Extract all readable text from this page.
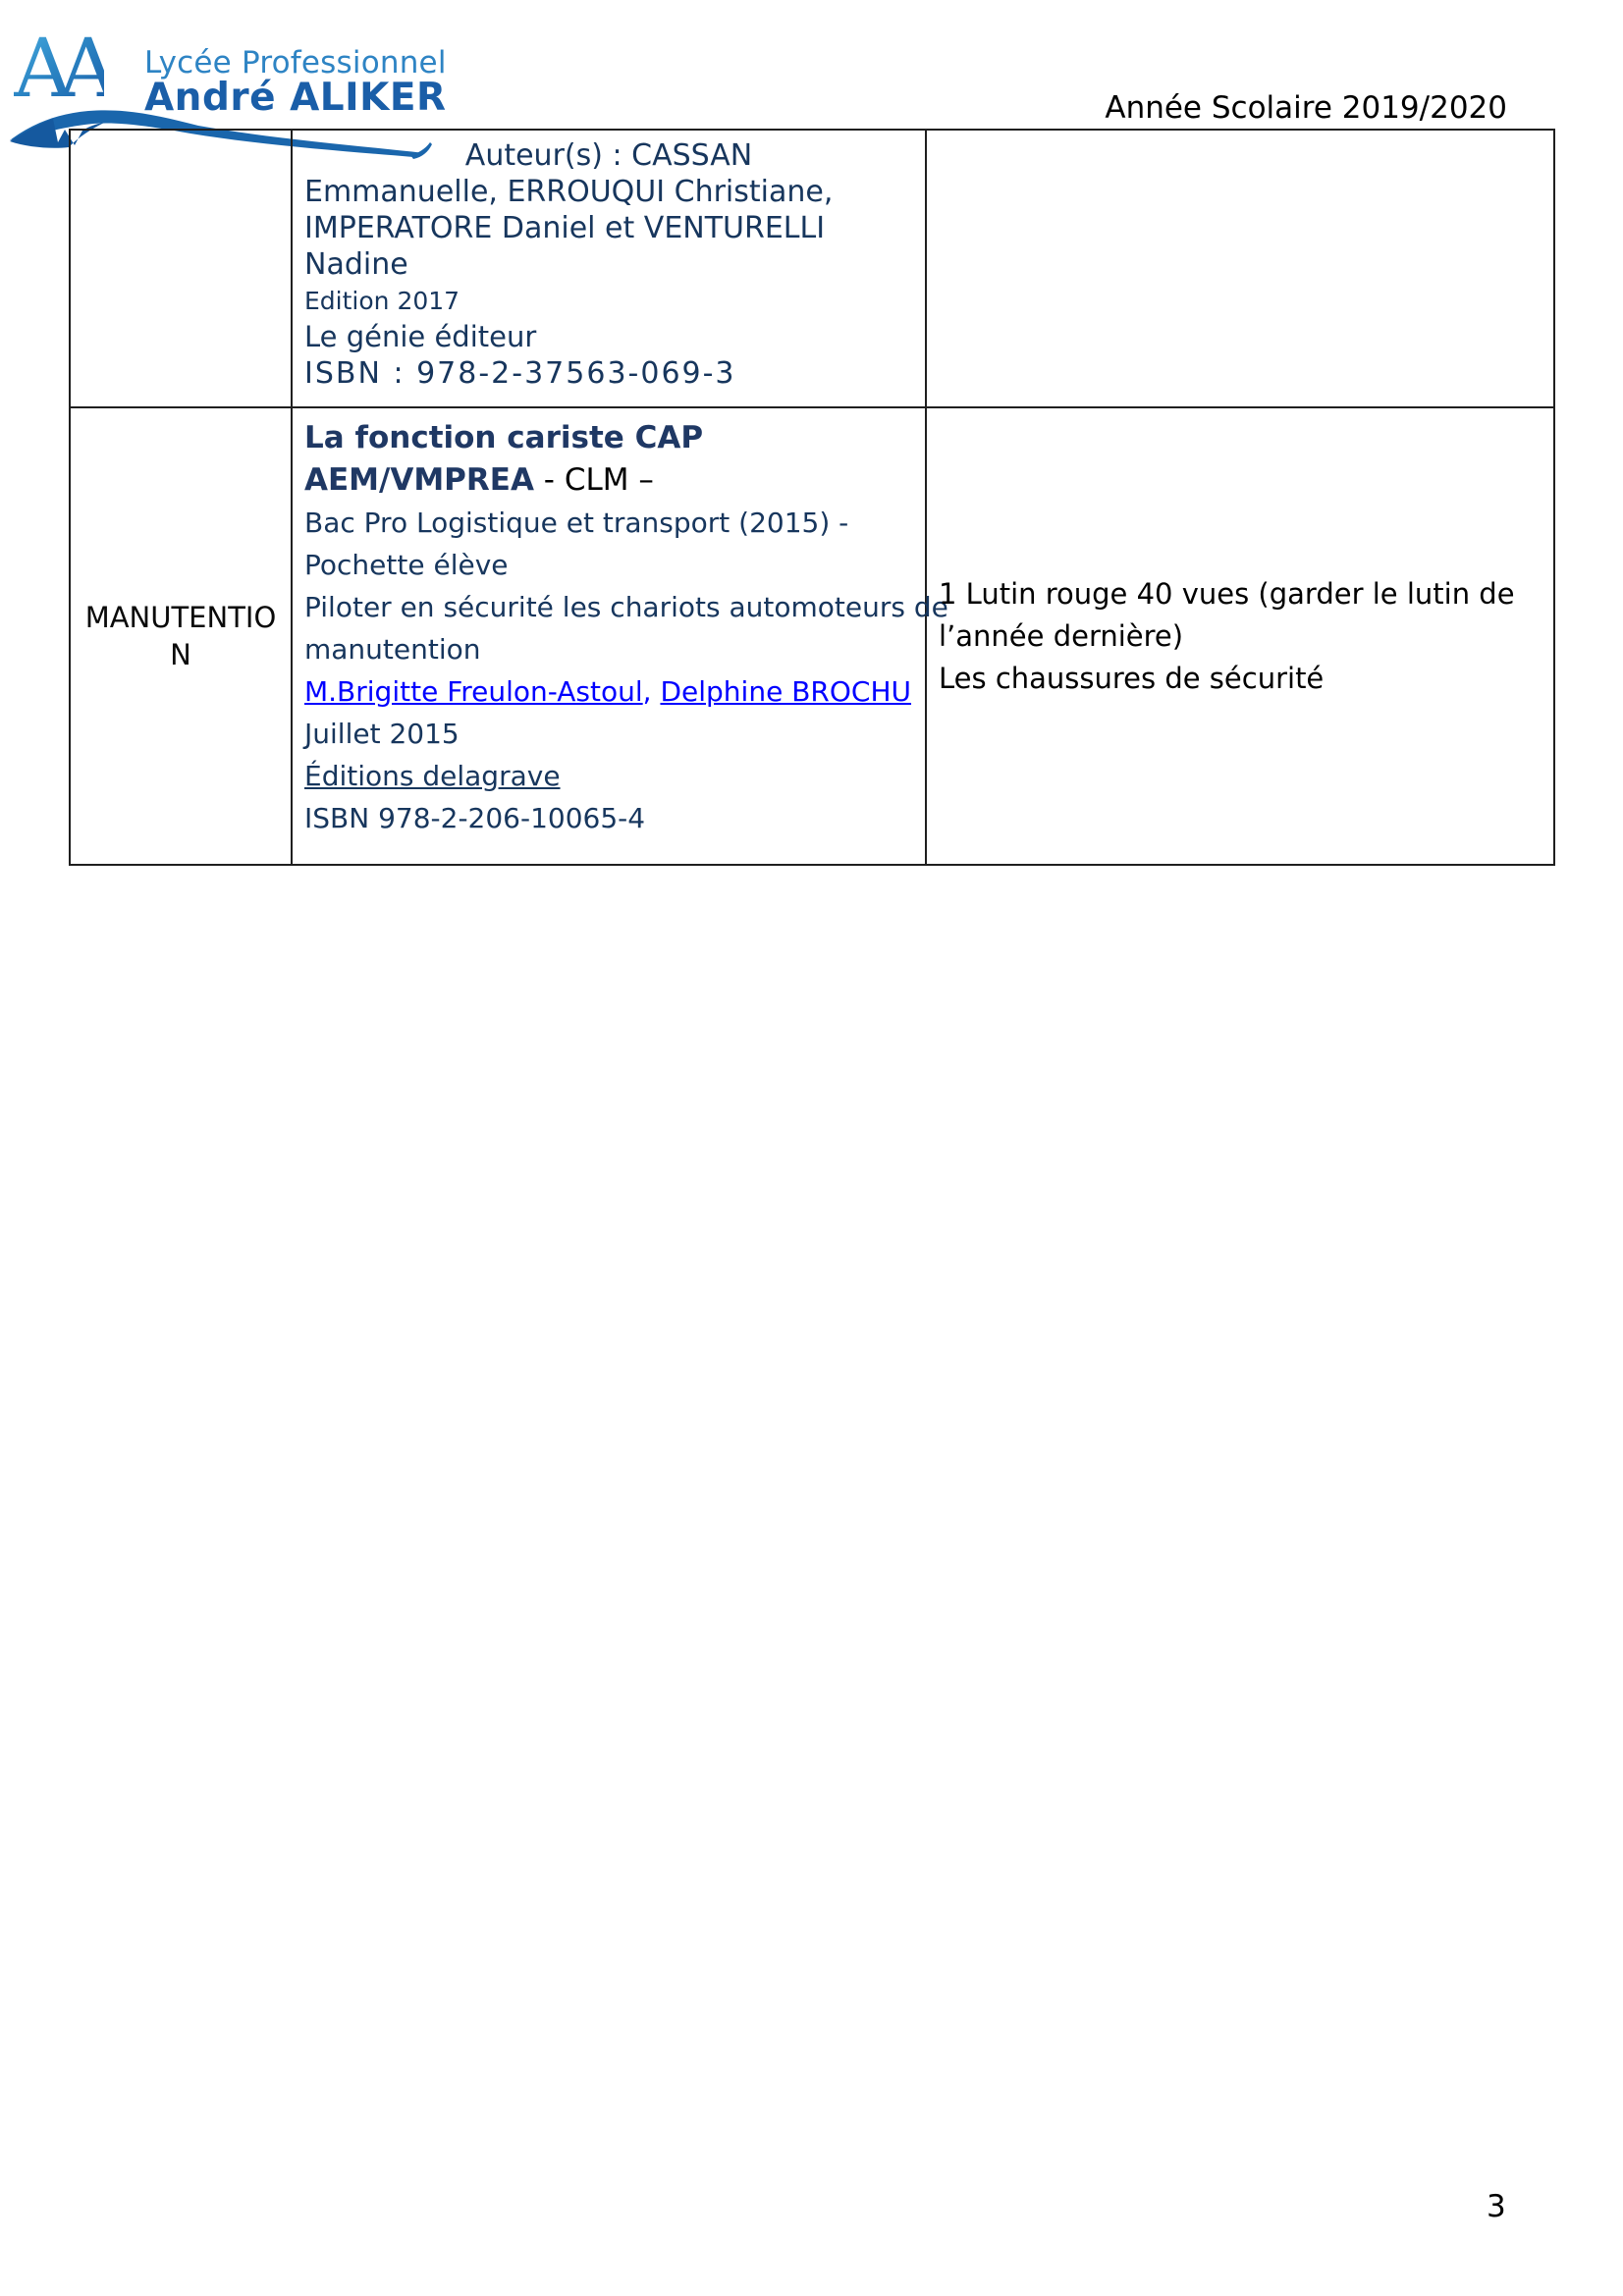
AA Lycée Professionnel
André ALIKER	Année Scolaire 2019/2020
Auteur(s) : CASSAN
Emmanuelle, ERROUQUI Christiane,
IMPERATORE Daniel et VENTURELLI
Nadine
Edition 2017
Le génie éditeur
ISBN : 978-2-37563-069-3
MANUTENTION
La fonction cariste CAP
AEM/VMPREA - CLM –
Bac Pro Logistique et transport (2015) -
Pochette élève
Piloter en sécurité les chariots automoteurs de
manutention
M.Brigitte Freulon-Astoul, Delphine BROCHU
Juillet 2015
Éditions delagrave
ISBN 978-2-206-10065-4

1 Lutin rouge 40 vues (garder le lutin de l’année dernière)

Les chaussures de sécurité

3
